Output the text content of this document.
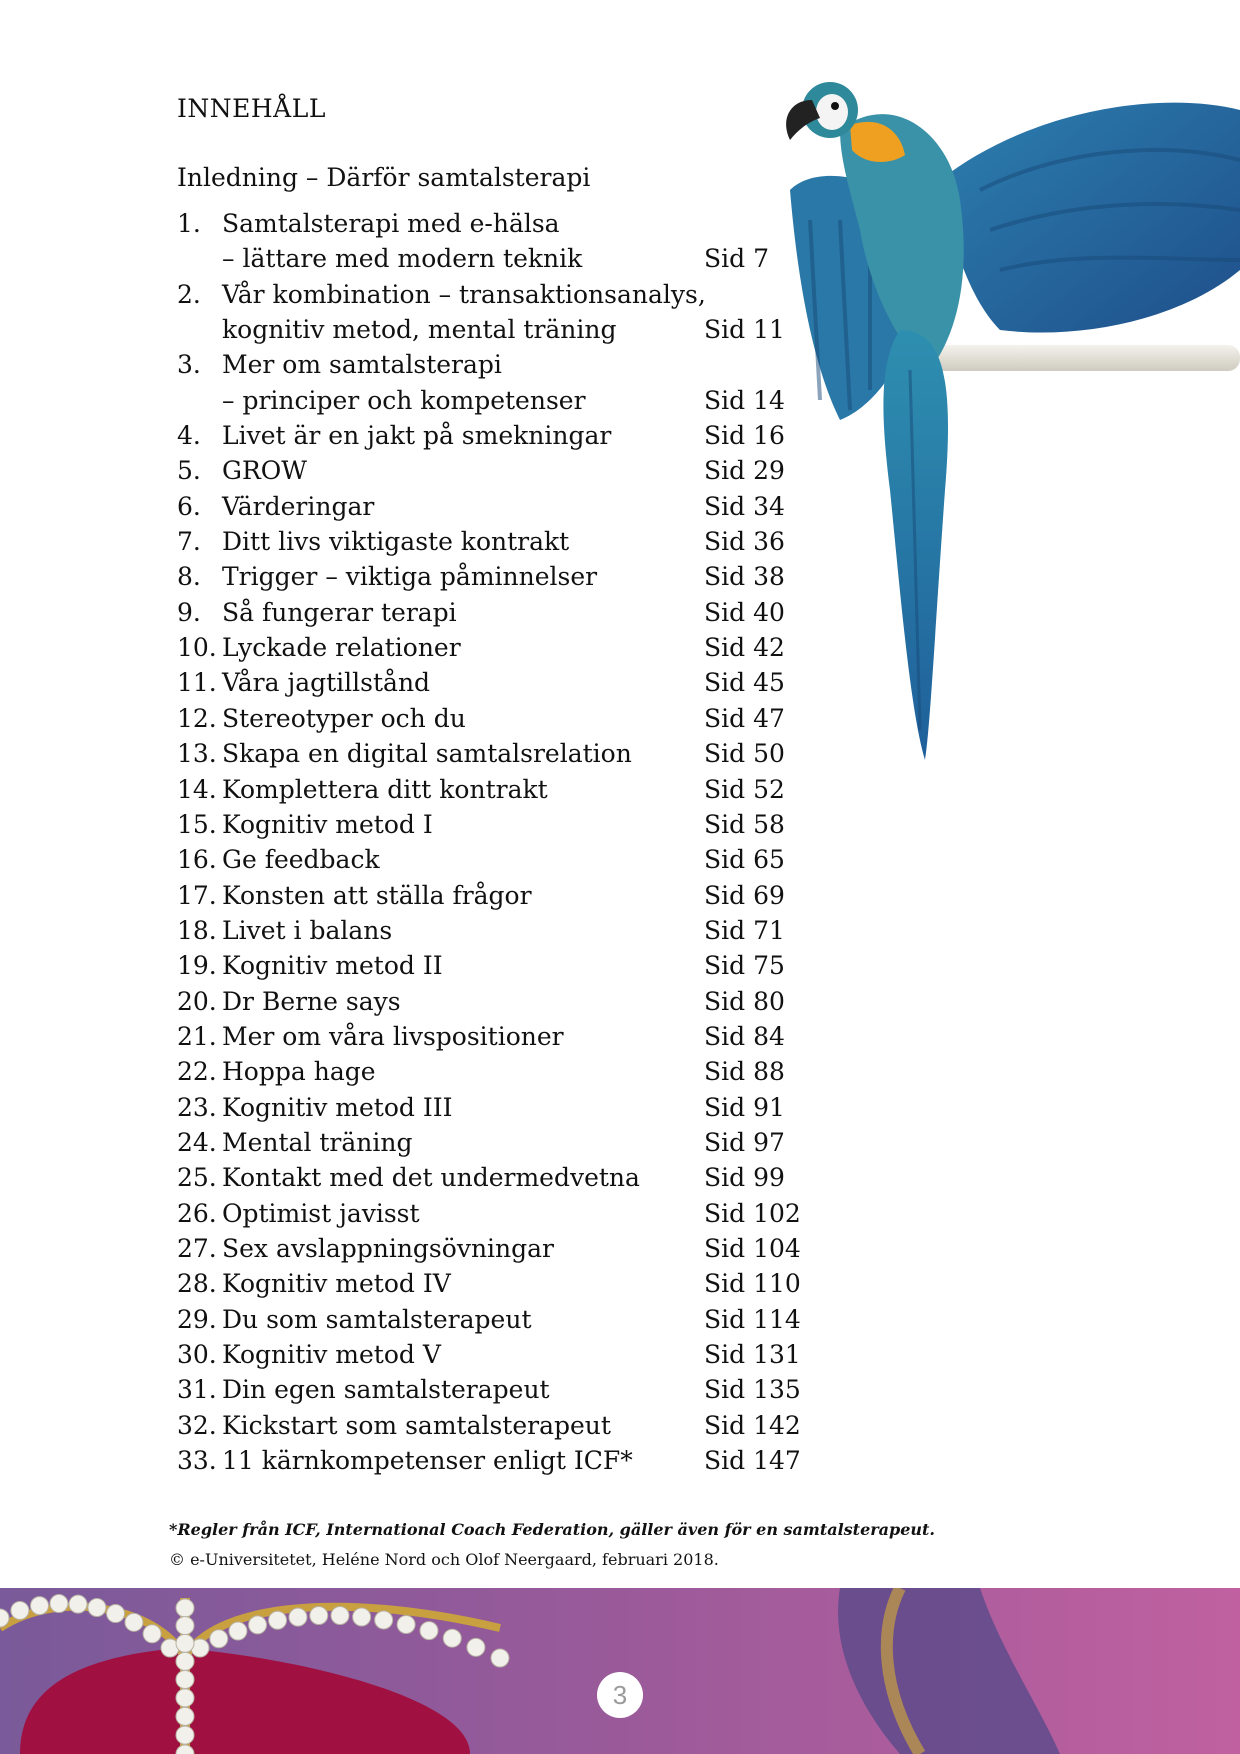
INNEHÅLL
Inledning – Därför samtalsterapi
1. Samtalsterapi med e-hälsa
– lättare med modern teknik	Sid 7
2. Vår kombination – transaktionsanalys,
kognitiv metod, mental träning	Sid 11
3. Mer om samtalsterapi
– principer och kompetenser	Sid 14
4. Livet är en jakt på smekningar	Sid 16
5. GROW	Sid 29
6. Värderingar	Sid 34
7. Ditt livs viktigaste kontrakt	Sid 36
8. Trigger – viktiga påminnelser	Sid 38
9. Så fungerar terapi	Sid 40
10. Lyckade relationer	Sid 42
11. Våra jagtillstånd	Sid 45
12. Stereotyper och du	Sid 47
13. Skapa en digital samtalsrelation	Sid 50
14. Komplettera ditt kontrakt	Sid 52
15. Kognitiv metod I	Sid 58
16. Ge feedback	Sid 65
17. Konsten att ställa frågor	Sid 69
18. Livet i balans	Sid 71
19. Kognitiv metod II	Sid 75
20. Dr Berne says	Sid 80
21. Mer om våra livspositioner	Sid 84
22. Hoppa hage	Sid 88
23. Kognitiv metod III	Sid 91
24. Mental träning	Sid 97
25. Kontakt med det undermedvetna	Sid 99
26. Optimist javisst	Sid 102
27. Sex avslappningsövningar	Sid 104
28. Kognitiv metod IV	Sid 110
29. Du som samtalsterapeut	Sid 114
30. Kognitiv metod V	Sid 131
31. Din egen samtalsterapeut	Sid 135
32. Kickstart som samtalsterapeut	Sid 142
33. 11 kärnkompetenser enligt ICF*	Sid 147
*Regler från ICF, International Coach Federation, gäller även för en samtalsterapeut.
© e-Universitetet, Heléne Nord och Olof Neergaard, februari 2018.
3
